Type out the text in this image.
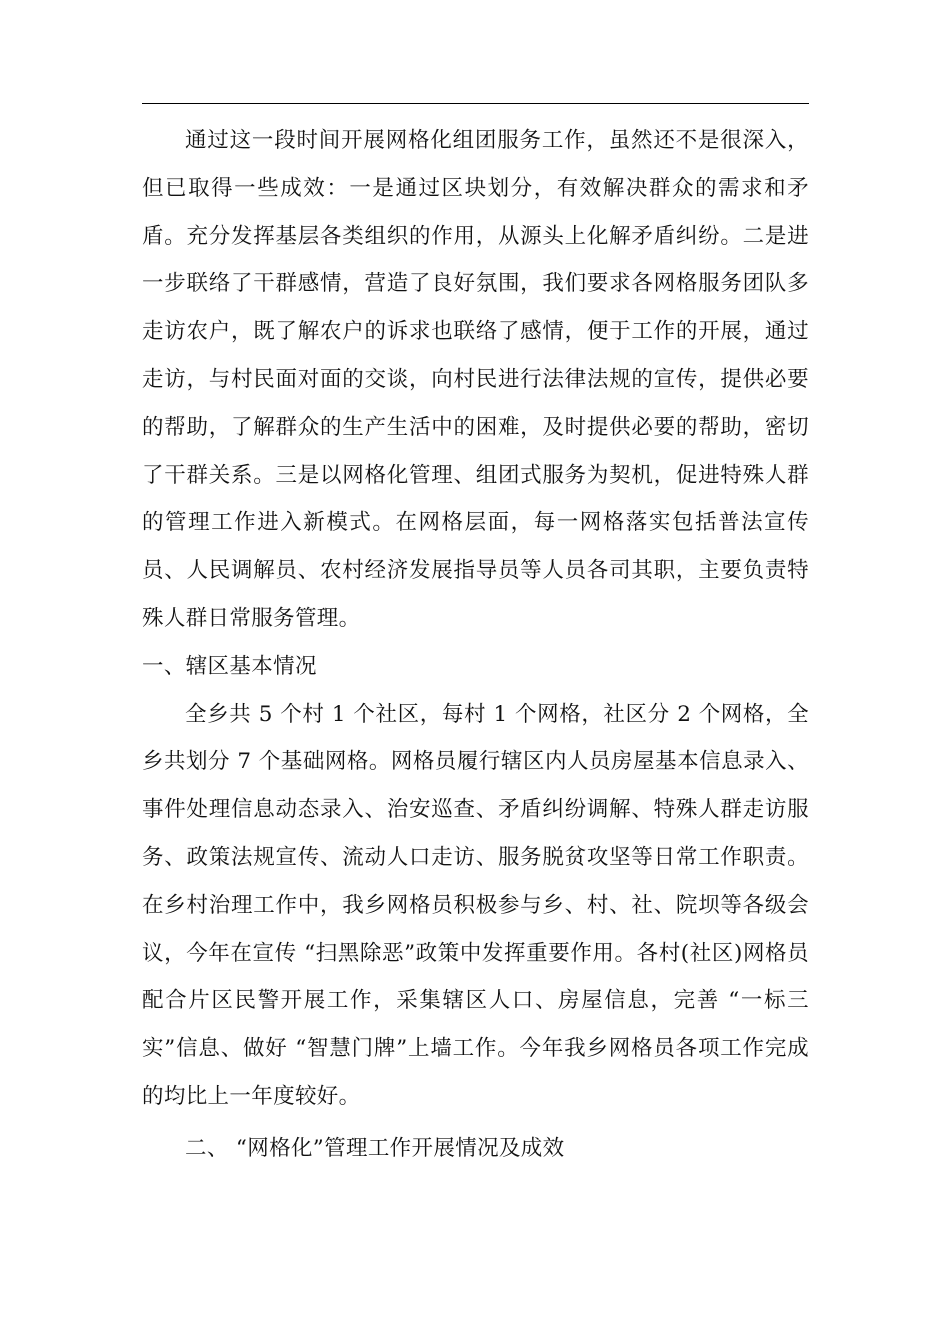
通过这一段时间开展网格化组团服务工作，虽然还不是很深入，但已取得一些成效：一是通过区块划分，有效解决群众的需求和矛盾。充分发挥基层各类组织的作用，从源头上化解矛盾纠纷。二是进一步联络了干群感情，营造了良好氛围，我们要求各网格服务团队多走访农户，既了解农户的诉求也联络了感情，便于工作的开展，通过走访，与村民面对面的交谈，向村民进行法律法规的宣传，提供必要的帮助，了解群众的生产生活中的困难，及时提供必要的帮助，密切了干群关系。三是以网格化管理、组团式服务为契机，促进特殊人群的管理工作进入新模式。在网格层面，每一网格落实包括普法宣传员、人民调解员、农村经济发展指导员等人员各司其职，主要负责特殊人群日常服务管理。

一、辖区基本情况

全乡共 5 个村 1 个社区，每村 1 个网格，社区分 2 个网格，全乡共划分 7 个基础网格。网格员履行辖区内人员房屋基本信息录入、事件处理信息动态录入、治安巡查、矛盾纠纷调解、特殊人群走访服务、政策法规宣传、流动人口走访、服务脱贫攻坚等日常工作职责。在乡村治理工作中，我乡网格员积极参与乡、村、社、院坝等各级会议，今年在宣传 “扫黑除恶”政策中发挥重要作用。各村(社区)网格员配合片区民警开展工作，采集辖区人口、房屋信息，完善 “一标三实”信息、做好 “智慧门牌”上墙工作。今年我乡网格员各项工作完成的均比上一年度较好。

二、 “网格化”管理工作开展情况及成效
